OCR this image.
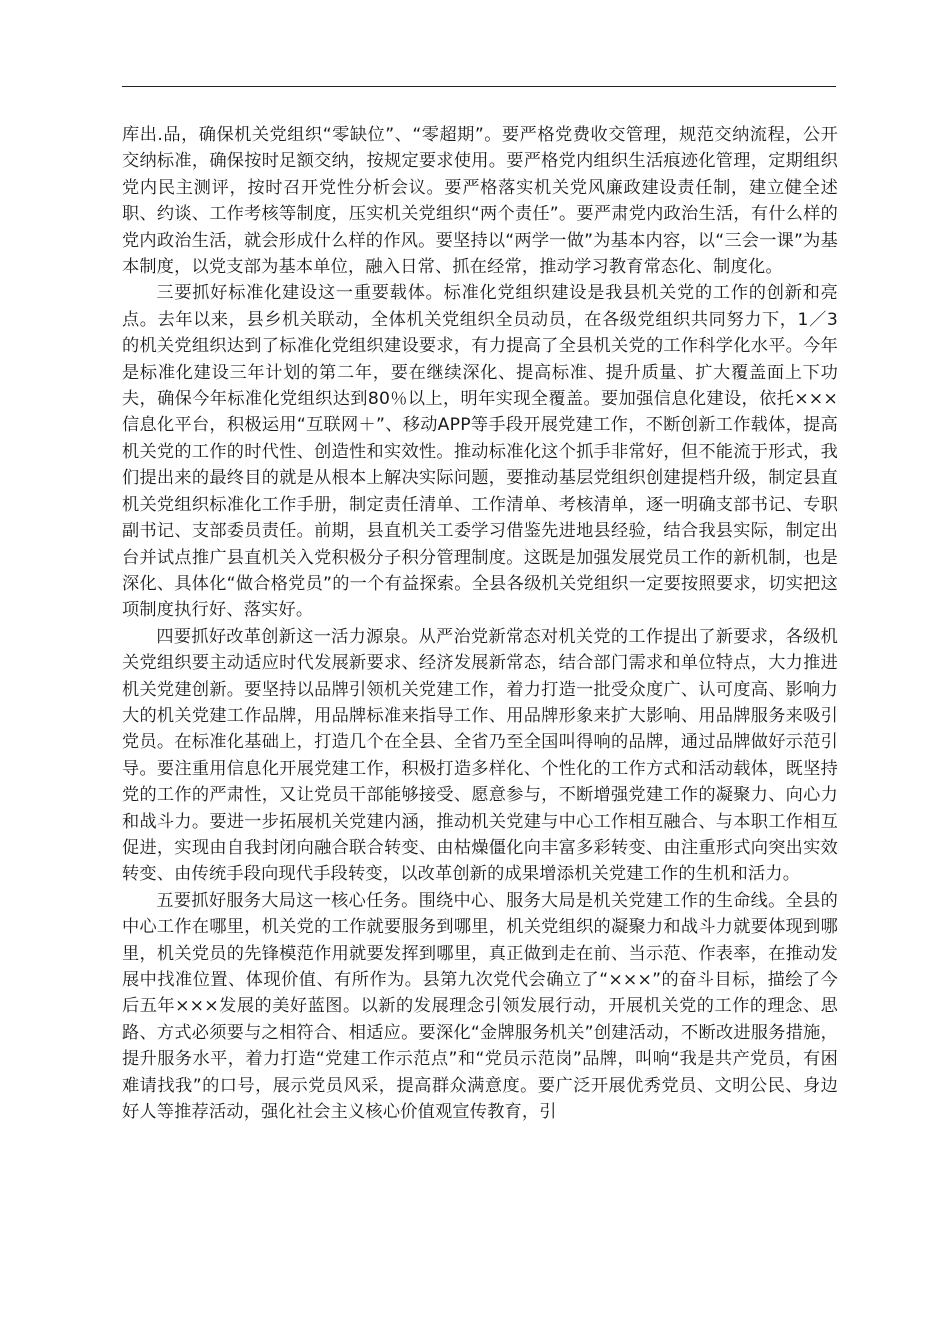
库出.品，确保机关党组织“零缺位”、“零超期”。要严格党费收交管理，规范交纳流程，公开交纳标准，确保按时足额交纳，按规定要求使用。要严格党内组织生活痕迹化管理，定期组织党内民主测评，按时召开党性分析会议。要严格落实机关党风廉政建设责任制，建立健全述职、约谈、工作考核等制度，压实机关党组织“两个责任”。要严肃党内政治生活，有什么样的党内政治生活，就会形成什么样的作风。要坚持以“两学一做”为基本内容，以“三会一课”为基本制度，以党支部为基本单位，融入日常、抓在经常，推动学习教育常态化、制度化。

三要抓好标准化建设这一重要载体。标准化党组织建设是我县机关党的工作的创新和亮点。去年以来，县乡机关联动，全体机关党组织全员动员，在各级党组织共同努力下，1／3的机关党组织达到了标准化党组织建设要求，有力提高了全县机关党的工作科学化水平。今年是标准化建设三年计划的第二年，要在继续深化、提高标准、提升质量、扩大覆盖面上下功夫，确保今年标准化党组织达到80％以上，明年实现全覆盖。要加强信息化建设，依托×××信息化平台，积极运用“互联网＋”、移动APP等手段开展党建工作，不断创新工作载体，提高机关党的工作的时代性、创造性和实效性。推动标准化这个抓手非常好，但不能流于形式，我们提出来的最终目的就是从根本上解决实际问题，要推动基层党组织创建提档升级，制定县直机关党组织标准化工作手册，制定责任清单、工作清单、考核清单，逐一明确支部书记、专职副书记、支部委员责任。前期，县直机关工委学习借鉴先进地县经验，结合我县实际，制定出台并试点推广县直机关入党积极分子积分管理制度。这既是加强发展党员工作的新机制，也是深化、具体化“做合格党员”的一个有益探索。全县各级机关党组织一定要按照要求，切实把这项制度执行好、落实好。

四要抓好改革创新这一活力源泉。从严治党新常态对机关党的工作提出了新要求，各级机关党组织要主动适应时代发展新要求、经济发展新常态，结合部门需求和单位特点，大力推进机关党建创新。要坚持以品牌引领机关党建工作，着力打造一批受众度广、认可度高、影响力大的机关党建工作品牌，用品牌标准来指导工作、用品牌形象来扩大影响、用品牌服务来吸引党员。在标准化基础上，打造几个在全县、全省乃至全国叫得响的品牌，通过品牌做好示范引导。要注重用信息化开展党建工作，积极打造多样化、个性化的工作方式和活动载体，既坚持党的工作的严肃性，又让党员干部能够接受、愿意参与，不断增强党建工作的凝聚力、向心力和战斗力。要进一步拓展机关党建内涵，推动机关党建与中心工作相互融合、与本职工作相互促进，实现由自我封闭向融合联合转变、由枯燥僵化向丰富多彩转变、由注重形式向突出实效转变、由传统手段向现代手段转变，以改革创新的成果增添机关党建工作的生机和活力。

五要抓好服务大局这一核心任务。围绕中心、服务大局是机关党建工作的生命线。全县的中心工作在哪里，机关党的工作就要服务到哪里，机关党组织的凝聚力和战斗力就要体现到哪里，机关党员的先锋模范作用就要发挥到哪里，真正做到走在前、当示范、作表率，在推动发展中找准位置、体现价值、有所作为。县第九次党代会确立了“×××”的奋斗目标，描绘了今后五年×××发展的美好蓝图。以新的发展理念引领发展行动，开展机关党的工作的理念、思路、方式必须要与之相符合、相适应。要深化“金牌服务机关”创建活动，不断改进服务措施，提升服务水平，着力打造“党建工作示范点”和“党员示范岗”品牌，叫响“我是共产党员，有困难请找我”的口号，展示党员风采，提高群众满意度。要广泛开展优秀党员、文明公民、身边好人等推荐活动，强化社会主义核心价值观宣传教育，引
